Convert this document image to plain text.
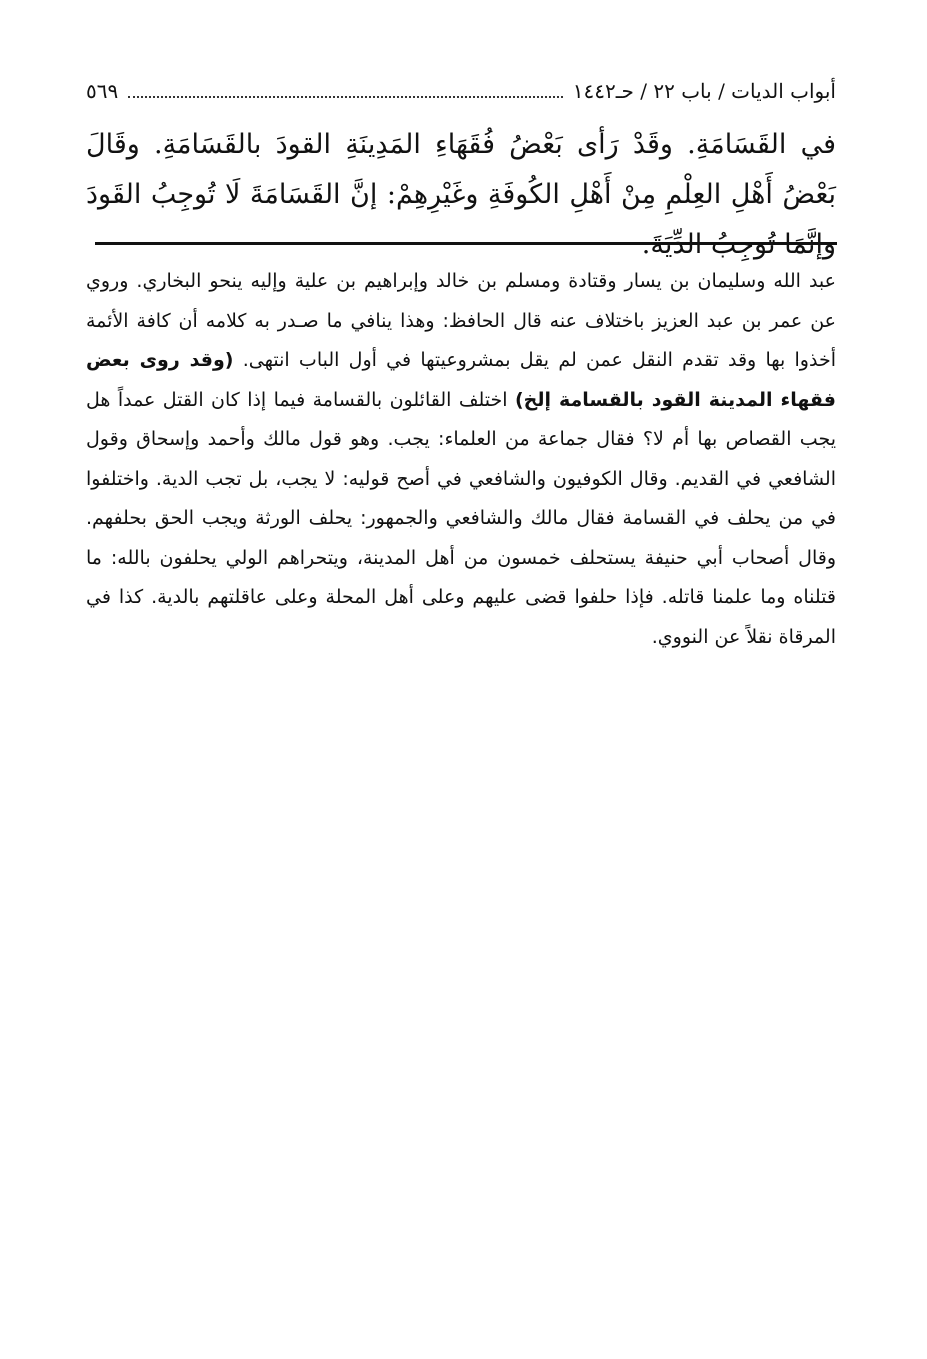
أبواب الديات / باب ٢٢ / حـ١٤٤٢
٥٦٩

في القَسَامَةِ. وقَدْ رَأى بَعْضُ فُقَهَاءِ المَدِينَةِ القودَ بالقَسَامَةِ. وقَالَ بَعْضُ أَهْلِ العِلْمِ مِنْ أَهْلِ الكُوفَةِ وغَيْرِهِمْ: إنَّ القَسَامَةَ لَا تُوجِبُ القَودَ وإنَّمَا تُوجِبُ الدِّيَةَ.

عبد الله وسليمان بن يسار وقتادة ومسلم بن خالد وإبراهيم بن علية وإليه ينحو البخاري. وروي عن عمر بن عبد العزيز باختلاف عنه قال الحافظ: وهذا ينافي ما صـدر به كلامه أن كافة الأئمة أخذوا بها وقد تقدم النقل عمن لم يقل بمشروعيتها في أول الباب انتهى. (وقد روى بعض فقهاء المدينة القود بالقسامة إلخ) اختلف القائلون بالقسامة فيما إذا كان القتل عمداً هل يجب القصاص بها أم لا؟ فقال جماعة من العلماء: يجب. وهو قول مالك وأحمد وإسحاق وقول الشافعي في القديم. وقال الكوفيون والشافعي في أصح قوليه: لا يجب، بل تجب الدية. واختلفوا في من يحلف في القسامة فقال مالك والشافعي والجمهور: يحلف الورثة ويجب الحق بحلفهم. وقال أصحاب أبي حنيفة يستحلف خمسون من أهل المدينة، ويتحراهم الولي يحلفون بالله: ما قتلناه وما علمنا قاتله. فإذا حلفوا قضى عليهم وعلى أهل المحلة وعلى عاقلتهم بالدية. كذا في المرقاة نقلاً عن النووي.
